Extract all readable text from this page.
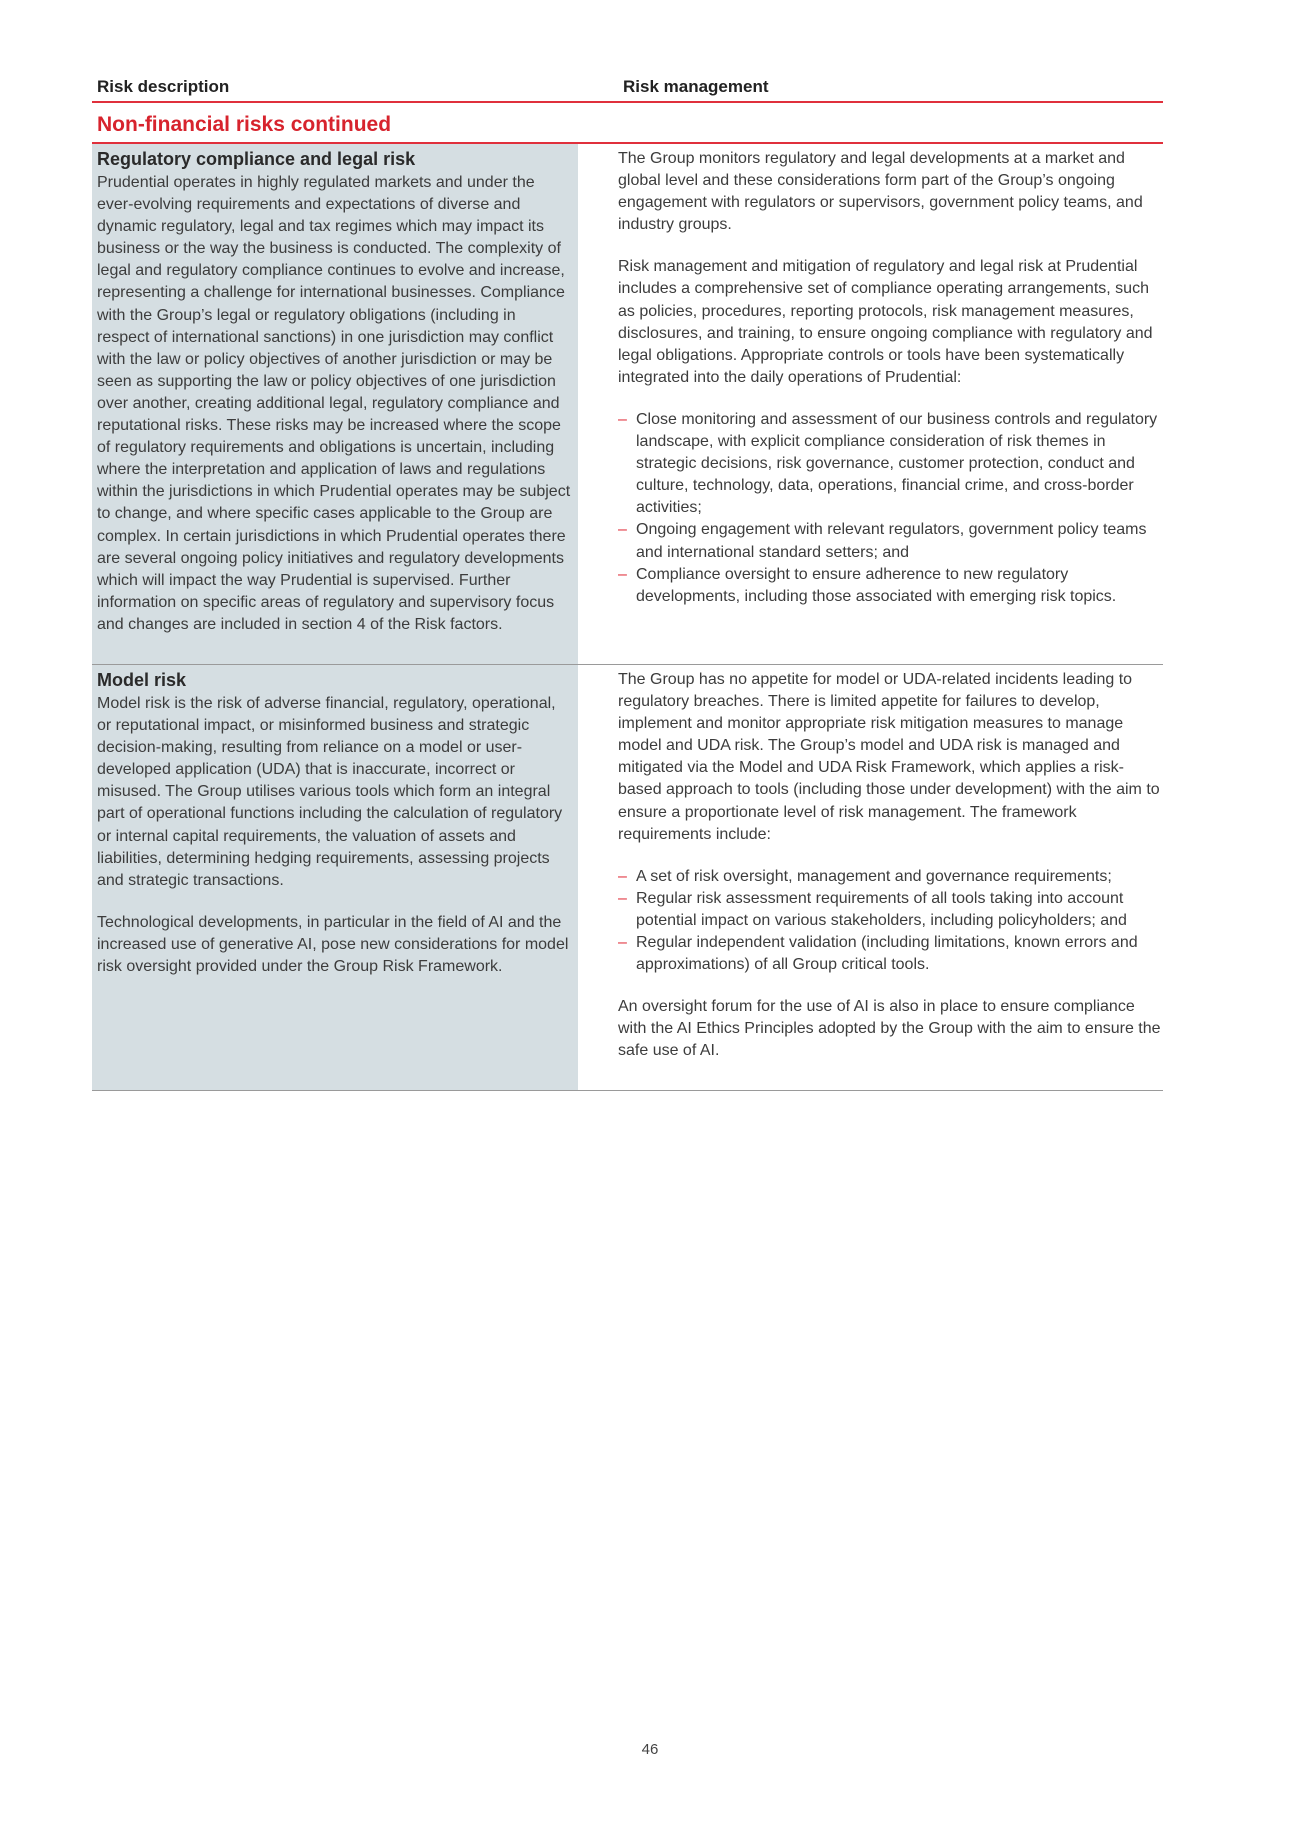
Risk description	Risk management
Non-financial risks continued
Regulatory compliance and legal risk

Prudential operates in highly regulated markets and under the ever-evolving requirements and expectations of diverse and dynamic regulatory, legal and tax regimes which may impact its business or the way the business is conducted. The complexity of legal and regulatory compliance continues to evolve and increase, representing a challenge for international businesses. Compliance with the Group’s legal or regulatory obligations (including in respect of international sanctions) in one jurisdiction may conflict with the law or policy objectives of another jurisdiction or may be seen as supporting the law or policy objectives of one jurisdiction over another, creating additional legal, regulatory compliance and reputational risks. These risks may be increased where the scope of regulatory requirements and obligations is uncertain, including where the interpretation and application of laws and regulations within the jurisdictions in which Prudential operates may be subject to change, and where specific cases applicable to the Group are complex. In certain jurisdictions in which Prudential operates there are several ongoing policy initiatives and regulatory developments which will impact the way Prudential is supervised. Further information on specific areas of regulatory and supervisory focus and changes are included in section 4 of the Risk factors.

The Group monitors regulatory and legal developments at a market and global level and these considerations form part of the Group’s ongoing engagement with regulators or supervisors, government policy teams, and industry groups.

Risk management and mitigation of regulatory and legal risk at Prudential includes a comprehensive set of compliance operating arrangements, such as policies, procedures, reporting protocols, risk management measures, disclosures, and training, to ensure ongoing compliance with regulatory and legal obligations. Appropriate controls or tools have been systematically integrated into the daily operations of Prudential:

– Close monitoring and assessment of our business controls and regulatory landscape, with explicit compliance consideration of risk themes in strategic decisions, risk governance, customer protection, conduct and culture, technology, data, operations, financial crime, and cross-border activities;
– Ongoing engagement with relevant regulators, government policy teams and international standard setters; and
– Compliance oversight to ensure adherence to new regulatory developments, including those associated with emerging risk topics.
Model risk

Model risk is the risk of adverse financial, regulatory, operational, or reputational impact, or misinformed business and strategic decision-making, resulting from reliance on a model or user-developed application (UDA) that is inaccurate, incorrect or misused. The Group utilises various tools which form an integral part of operational functions including the calculation of regulatory or internal capital requirements, the valuation of assets and liabilities, determining hedging requirements, assessing projects and strategic transactions.

Technological developments, in particular in the field of AI and the increased use of generative AI, pose new considerations for model risk oversight provided under the Group Risk Framework.

The Group has no appetite for model or UDA-related incidents leading to regulatory breaches. There is limited appetite for failures to develop, implement and monitor appropriate risk mitigation measures to manage model and UDA risk. The Group’s model and UDA risk is managed and mitigated via the Model and UDA Risk Framework, which applies a risk-based approach to tools (including those under development) with the aim to ensure a proportionate level of risk management. The framework requirements include:

– A set of risk oversight, management and governance requirements;
– Regular risk assessment requirements of all tools taking into account potential impact on various stakeholders, including policyholders; and
– Regular independent validation (including limitations, known errors and approximations) of all Group critical tools.

An oversight forum for the use of AI is also in place to ensure compliance with the AI Ethics Principles adopted by the Group with the aim to ensure the safe use of AI.

46
